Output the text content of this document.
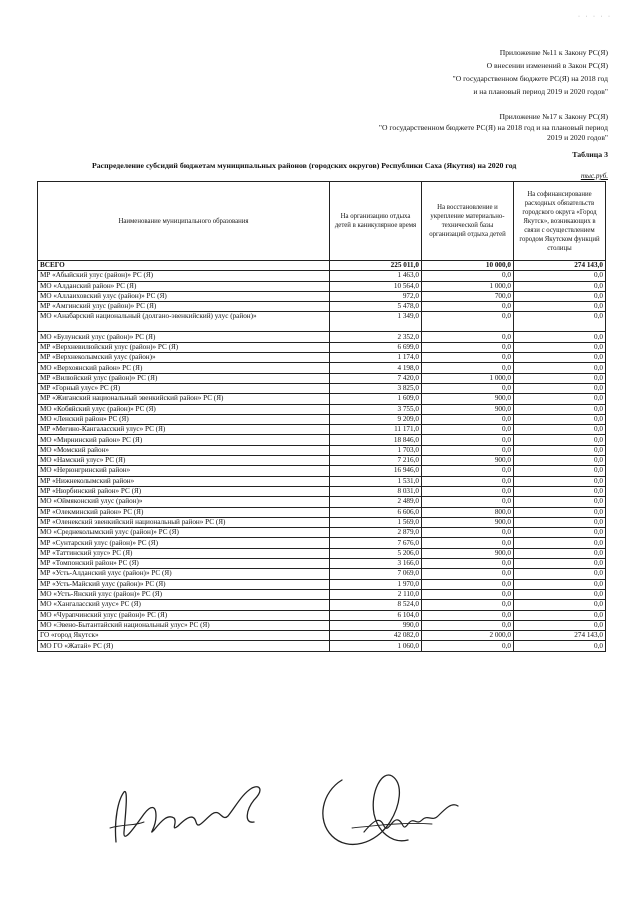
· · · · ·
Приложение №11 к Закону РС(Я)
О внесении изменений в Закон РС(Я)
"О государственном бюджете РС(Я) на 2018 год
и на плановый период 2019 и 2020 годов"
Приложение №17 к Закону РС(Я)
"О государственном бюджете РС(Я) на 2018 год и на плановый период
2019 и 2020 годов"
Таблица 3
Распределение субсидий бюджетам муниципальных районов (городских округов) Республики Саха (Якутия) на 2020 год
тыс.руб.
Наименование муниципального образования	На организацию отдыха детей в каникулярное время	На восстановление и укрепление материально-технической базы организаций отдыха детей	На софинансирование расходных обязательств городского округа «Город Якутск», возникающих в связи с осуществлением городом Якутском функций столицы
ВСЕГО	225 011,0	10 000,0	274 143,0
МР «Абыйский улус (район)» РС (Я)	1 463,0	0,0	0,0
МО «Алданский район» РС (Я)	10 564,0	1 000,0	0,0
МО «Аллаиховский улус (район)» РС (Я)	972,0	700,0	0,0
МР «Амгинский улус (район)» РС (Я)	5 478,0	0,0	0,0
МО «Анабарский национальный (долгано-эвенкийский) улус (район)»	1 349,0	0,0	0,0
МО «Булунский улус (район)» РС (Я)	2 352,0	0,0	0,0
МР «Верхневилюйский улус (район)» РС (Я)	6 699,0	0,0	0,0
МР «Верхнеколымский улус (район)»	1 174,0	0,0	0,0
МО «Верхоянский район» РС (Я)	4 198,0	0,0	0,0
МР «Вилюйский улус (район)» РС (Я)	7 420,0	1 000,0	0,0
МР «Горный улус» РС (Я)	3 825,0	0,0	0,0
МР «Жиганский национальный эвенкийский район» РС (Я)	1 609,0	900,0	0,0
МО «Кобяйский улус (район)» РС (Я)	3 755,0	900,0	0,0
МО «Ленский район» РС (Я)	9 209,0	0,0	0,0
МР «Мегино-Кангаласский улус» РС (Я)	11 171,0	0,0	0,0
МО «Мирнинский район» РС (Я)	18 846,0	0,0	0,0
МО «Момский район»	1 703,0	0,0	0,0
МО «Намский улус» РС (Я)	7 216,0	900,0	0,0
МО «Нерюнгринский район»	16 946,0	0,0	0,0
МР «Нижнеколымский район»	1 531,0	0,0	0,0
МР «Нюрбинский район» РС (Я)	8 031,0	0,0	0,0
МО «Оймяконский улус (район)»	2 489,0	0,0	0,0
МР «Олекминский район» РС (Я)	6 606,0	800,0	0,0
МР «Оленекский эвенкийский национальный район» РС (Я)	1 569,0	900,0	0,0
МО «Среднеколымский улус (район)» РС (Я)	2 879,0	0,0	0,0
МР «Сунтарский улус (район)» РС (Я)	7 676,0	0,0	0,0
МР «Таттинский улус» РС (Я)	5 206,0	900,0	0,0
МР «Томпонский район» РС (Я)	3 166,0	0,0	0,0
МР «Усть-Алданский улус (район)» РС (Я)	7 069,0	0,0	0,0
МР «Усть-Майский улус (район)» РС (Я)	1 970,0	0,0	0,0
МО «Усть-Янский улус (район)» РС (Я)	2 110,0	0,0	0,0
МО «Хангаласский улус» РС (Я)	8 524,0	0,0	0,0
МО «Чурапчинский улус (район)» РС (Я)	6 104,0	0,0	0,0
МО «Эвено-Бытантайский национальный улус» РС (Я)	990,0	0,0	0,0
ГО «город Якутск»	42 082,0	2 000,0	274 143,0
МО ГО «Жатай» РС (Я)	1 060,0	0,0	0,0
